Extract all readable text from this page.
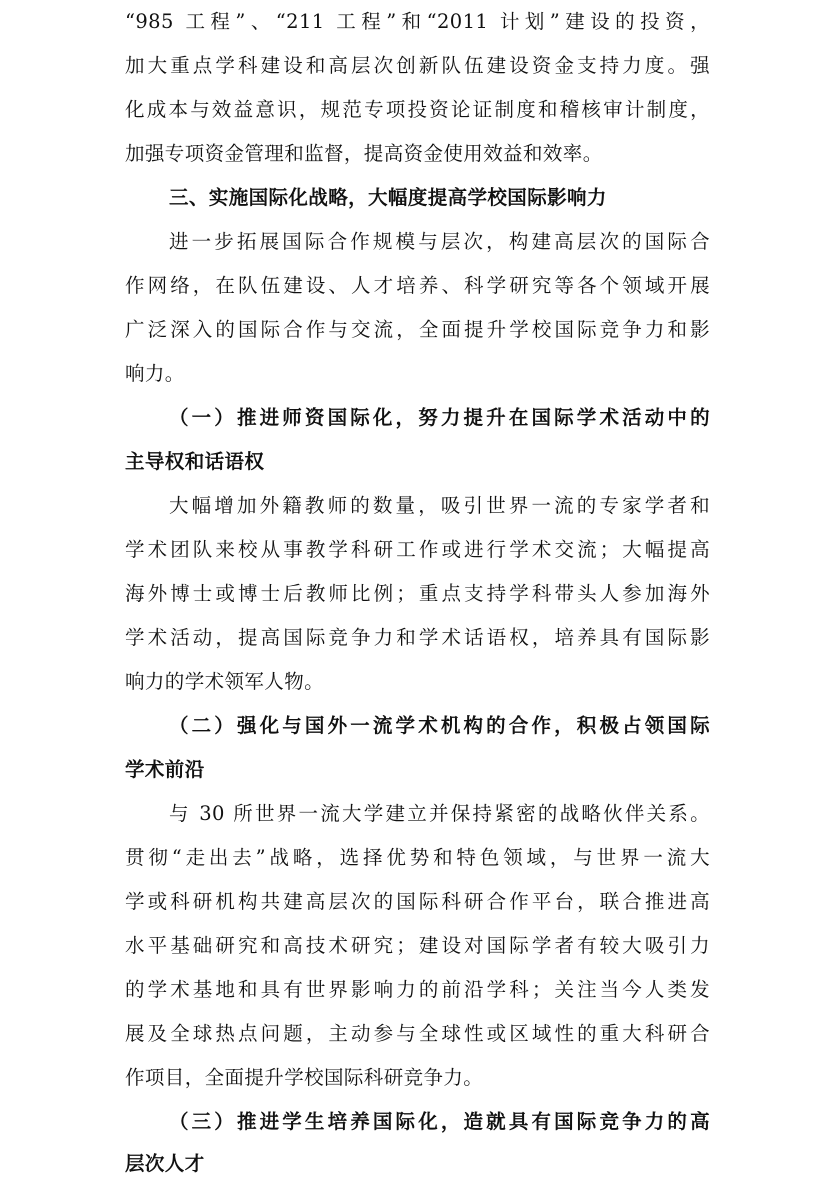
“985 工程”、“211 工程”和“2011 计划”建设的投资，
加大重点学科建设和高层次创新队伍建设资金支持力度。强
化成本与效益意识，规范专项投资论证制度和稽核审计制度，
加强专项资金管理和监督，提高资金使用效益和效率。
三、实施国际化战略，大幅度提高学校国际影响力
进一步拓展国际合作规模与层次，构建高层次的国际合
作网络，在队伍建设、人才培养、科学研究等各个领域开展
广泛深入的国际合作与交流，全面提升学校国际竞争力和影
响力。
（一）推进师资国际化，努力提升在国际学术活动中的
主导权和话语权
大幅增加外籍教师的数量，吸引世界一流的专家学者和
学术团队来校从事教学科研工作或进行学术交流；大幅提高
海外博士或博士后教师比例；重点支持学科带头人参加海外
学术活动，提高国际竞争力和学术话语权，培养具有国际影
响力的学术领军人物。
（二）强化与国外一流学术机构的合作，积极占领国际
学术前沿
与 30 所世界一流大学建立并保持紧密的战略伙伴关系。
贯彻“走出去”战略，选择优势和特色领域，与世界一流大
学或科研机构共建高层次的国际科研合作平台，联合推进高
水平基础研究和高技术研究；建设对国际学者有较大吸引力
的学术基地和具有世界影响力的前沿学科；关注当今人类发
展及全球热点问题，主动参与全球性或区域性的重大科研合
作项目，全面提升学校国际科研竞争力。
（三）推进学生培养国际化，造就具有国际竞争力的高
层次人才
